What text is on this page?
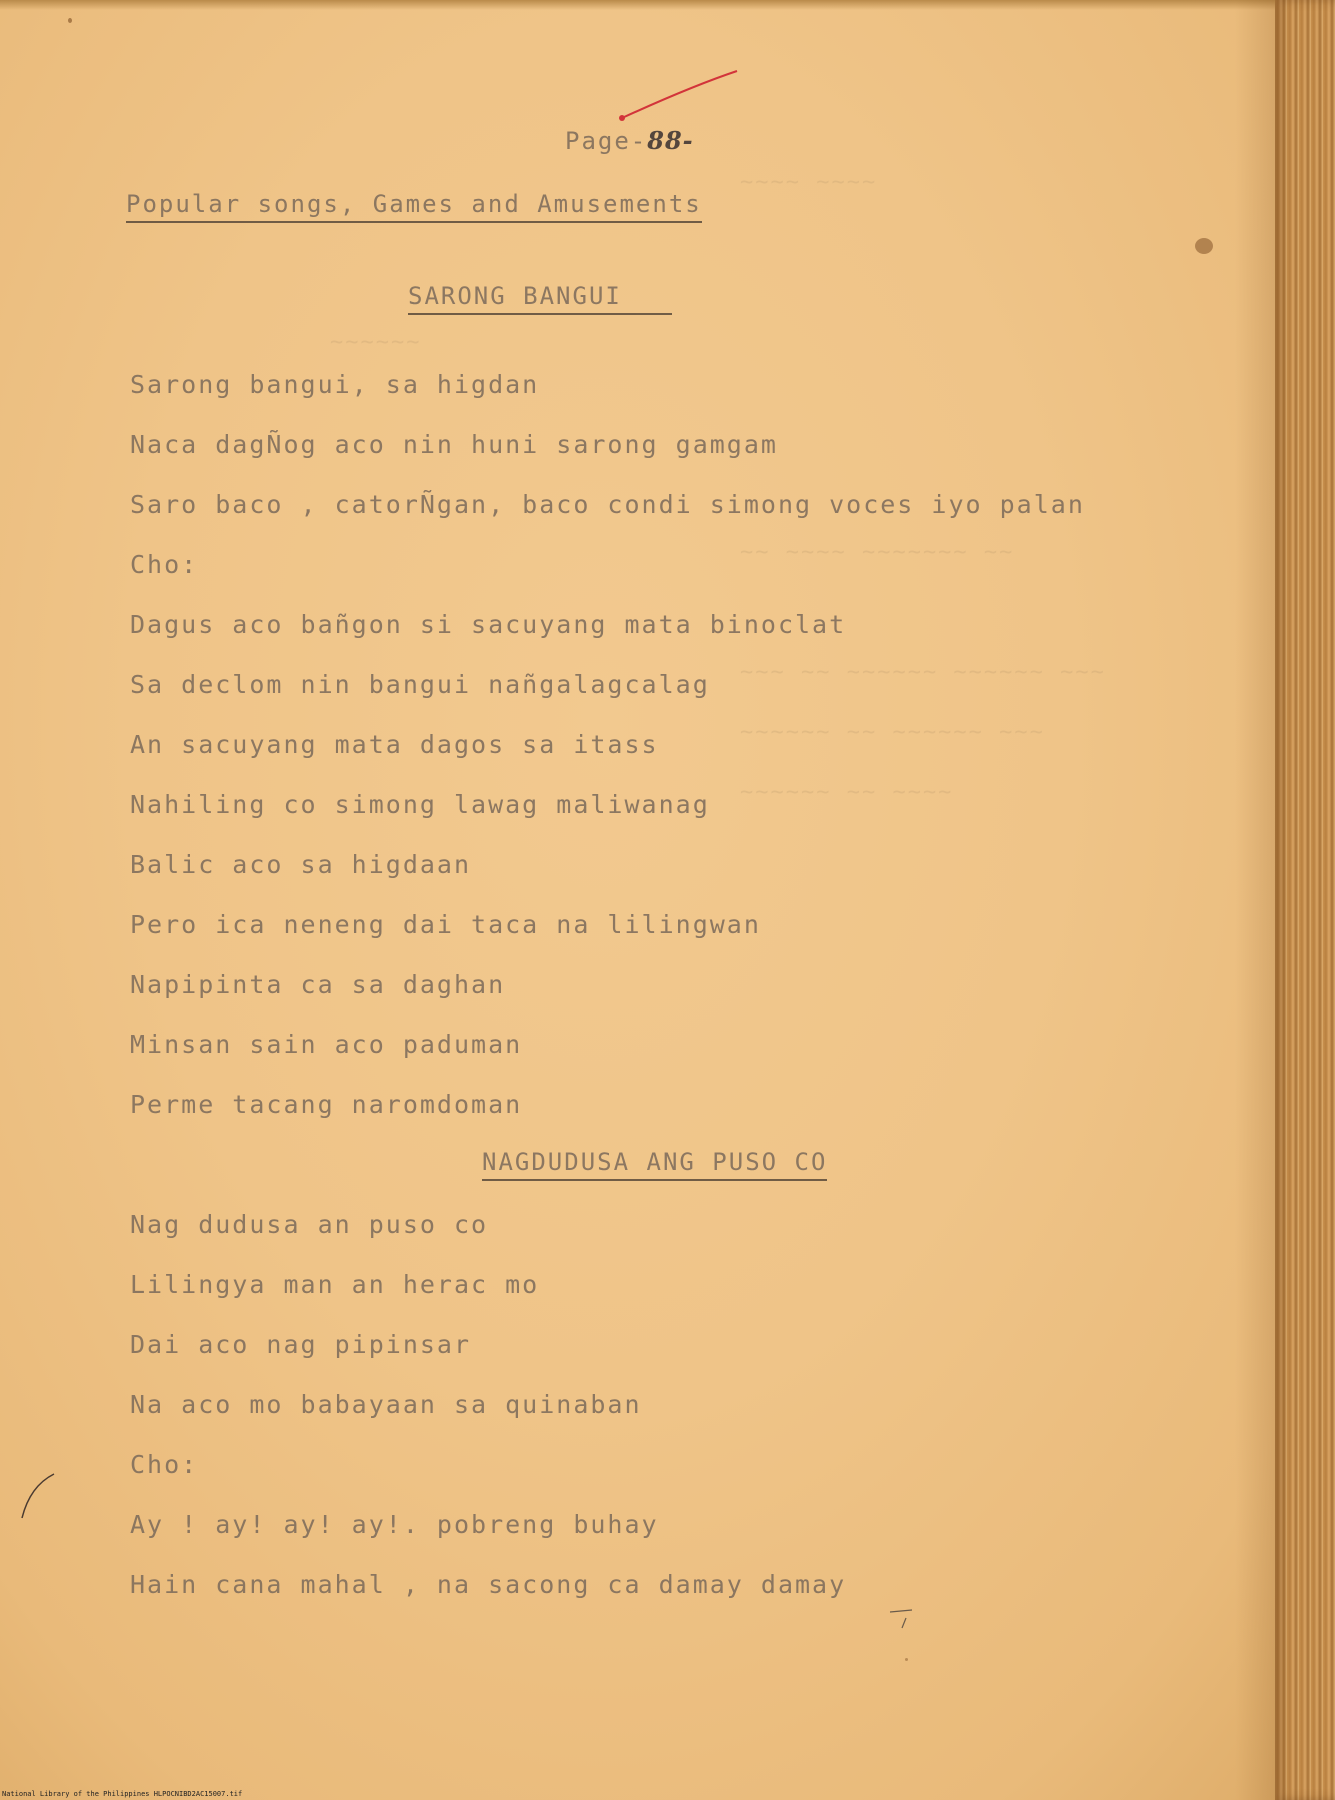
~~~~ ~~~~
~~~~~~
~~ ~~~~ ~~~~~~~ ~~
~~~ ~~ ~~~~~~ ~~~~~~ ~~~
~~~~~~ ~~ ~~~~~~ ~~~
~~~~~~ ~~ ~~~~
Page-88-
Popular songs, Games and Amusements
SARONG BANGUI
Sarong bangui, sa higdan
Naca dagÑog aco nin huni sarong gamgam
Saro baco , catorÑgan, baco condi simong voces iyo palan
Cho:
Dagus aco bañgon si sacuyang mata binoclat
Sa declom nin bangui nañgalagcalag
An sacuyang mata dagos sa itass
Nahiling co simong lawag maliwanag
Balic aco sa higdaan
Pero ica neneng dai taca na lilingwan
Napipinta ca sa daghan
Minsan sain aco paduman
Perme tacang naromdoman
NAGDUDUSA ANG PUSO CO
Nag dudusa an puso co
Lilingya man an herac mo
Dai aco nag pipinsar
Na aco mo babayaan sa quinaban
Cho:
Ay ! ay! ay! ay!. pobreng buhay
Hain cana mahal , na sacong ca damay damay
National Library of the Philippines HLPOCNIBD2AC15007.tif
